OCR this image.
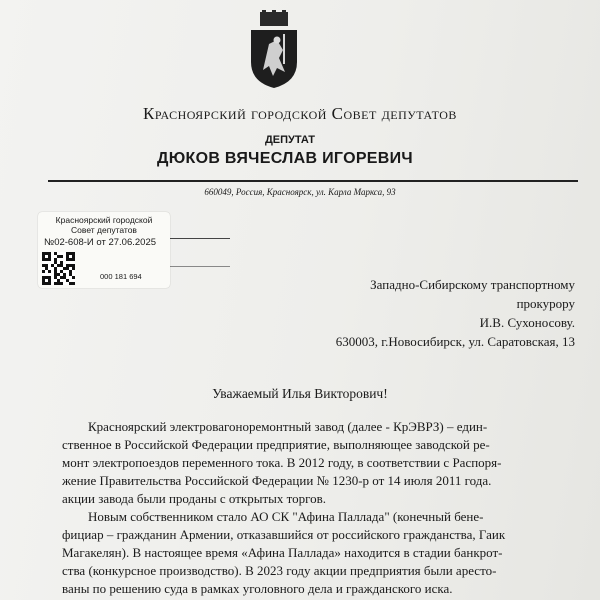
Красноярский городской Совет депутатов
ДЕПУТАТ
ДЮКОВ ВЯЧЕСЛАВ ИГОРЕВИЧ
660049, Россия, Красноярск, ул. Карла Маркса, 93
Красноярский городской
Совет депутатов
№02-608-И от 27.06.2025
000 181 694
Западно-Сибирскому транспортному
прокурору
И.В. Сухоносову.
630003, г.Новосибирск, ул. Саратовская, 13
Уважаемый Илья Викторович!
Красноярский электровагоноремонтный завод (далее - КрЭВРЗ) – един-
ственное в Российской Федерации предприятие, выполняющее заводской ре-
монт электропоездов переменного тока. В 2012 году, в соответствии с Распоря-
жение Правительства Российской Федерации № 1230-р от 14 июля 2011 года.
акции завода были проданы с открытых торгов.
Новым собственником стало АО СК "Афина Паллада" (конечный бене-
фициар – гражданин Армении, отказавшийся от российского гражданства, Гаик
Магакелян). В настоящее время «Афина Паллада» находится в стадии банкрот-
ства (конкурсное производство). В 2023 году акции предприятия были аресто-
ваны по решению суда в рамках уголовного дела и гражданского иска.
